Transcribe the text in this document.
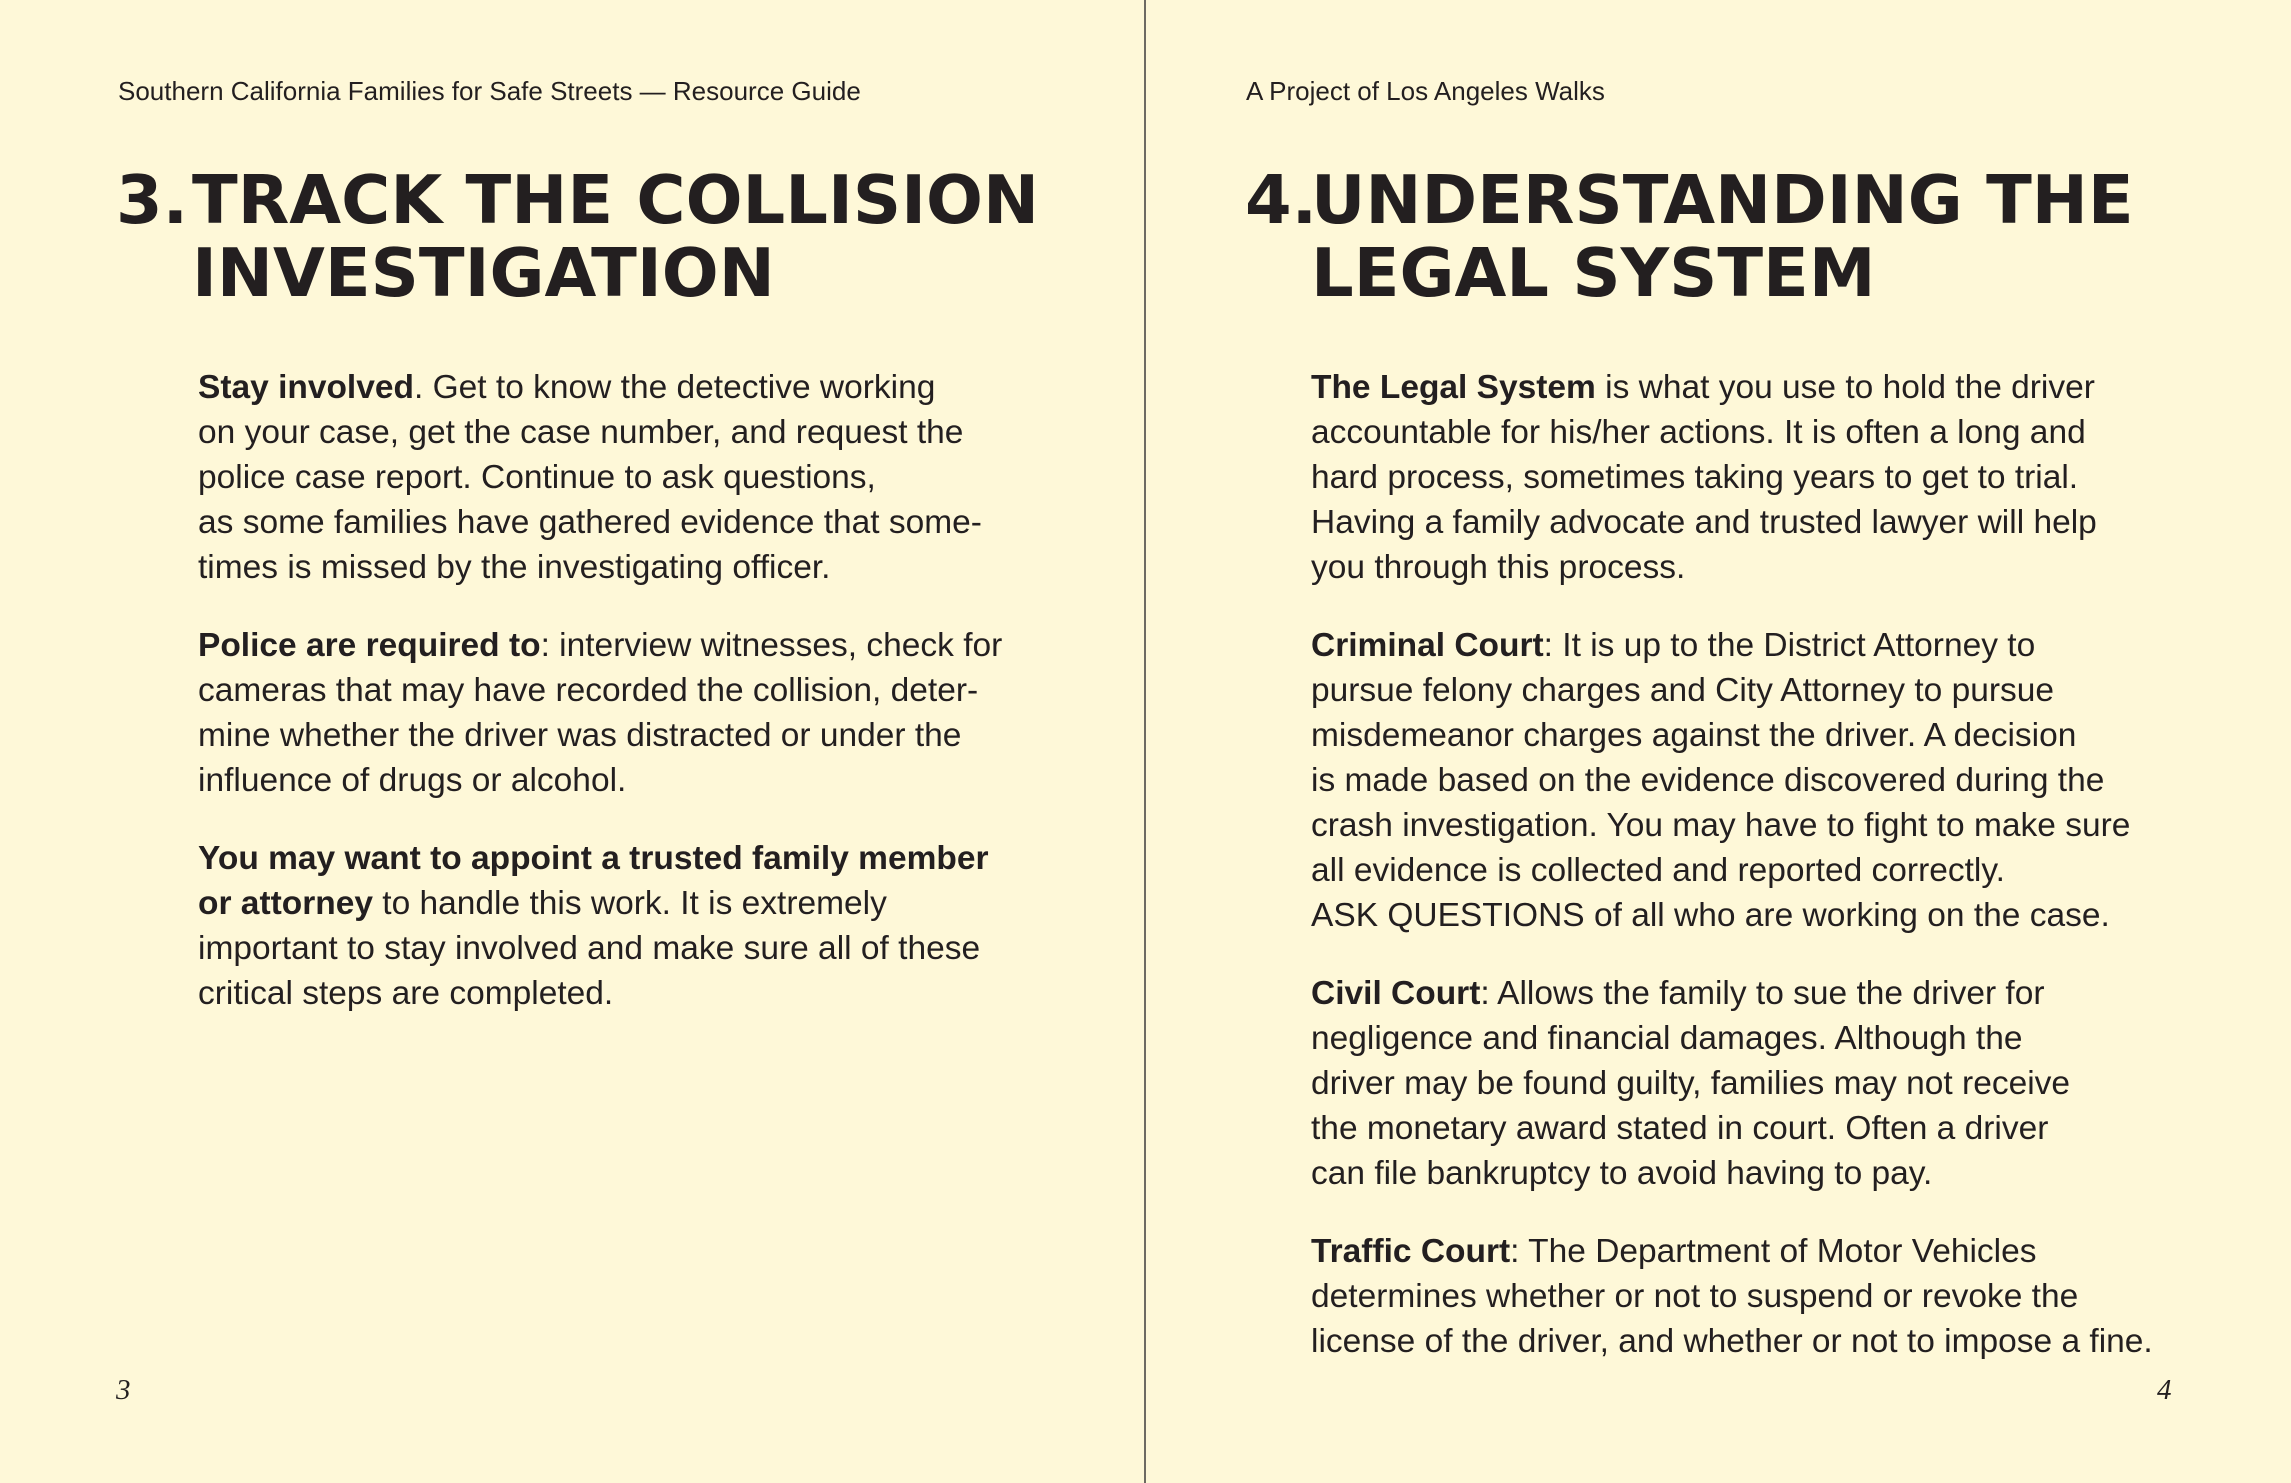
Southern California Families for Safe Streets — Resource Guide
3. TRACK THE COLLISION
INVESTIGATION

Stay involved. Get to know the detective working
on your case, get the case number, and request the
police case report. Continue to ask questions,
as some families have gathered evidence that some-
times is missed by the investigating officer.

Police are required to: interview witnesses, check for
cameras that may have recorded the collision, deter-
mine whether the driver was distracted or under the
influence of drugs or alcohol.

You may want to appoint a trusted family member
or attorney to handle this work. It is extremely
important to stay involved and make sure all of these
critical steps are completed.

3
A Project of Los Angeles Walks
4.
UNDERSTANDING THE
LEGAL SYSTEM

The Legal System is what you use to hold the driver
accountable for his/her actions. It is often a long and
hard process, sometimes taking years to get to trial.
Having a family advocate and trusted lawyer will help
you through this process.

Criminal Court: It is up to the District Attorney to
pursue felony charges and City Attorney to pursue
misdemeanor charges against the driver. A decision
is made based on the evidence discovered during the
crash investigation. You may have to fight to make sure
all evidence is collected and reported correctly.
ASK QUESTIONS of all who are working on the case.

Civil Court: Allows the family to sue the driver for
negligence and financial damages. Although the
driver may be found guilty, families may not receive
the monetary award stated in court. Often a driver
can file bankruptcy to avoid having to pay.

Traffic Court: The Department of Motor Vehicles
determines whether or not to suspend or revoke the
license of the driver, and whether or not to impose a fine.

4
